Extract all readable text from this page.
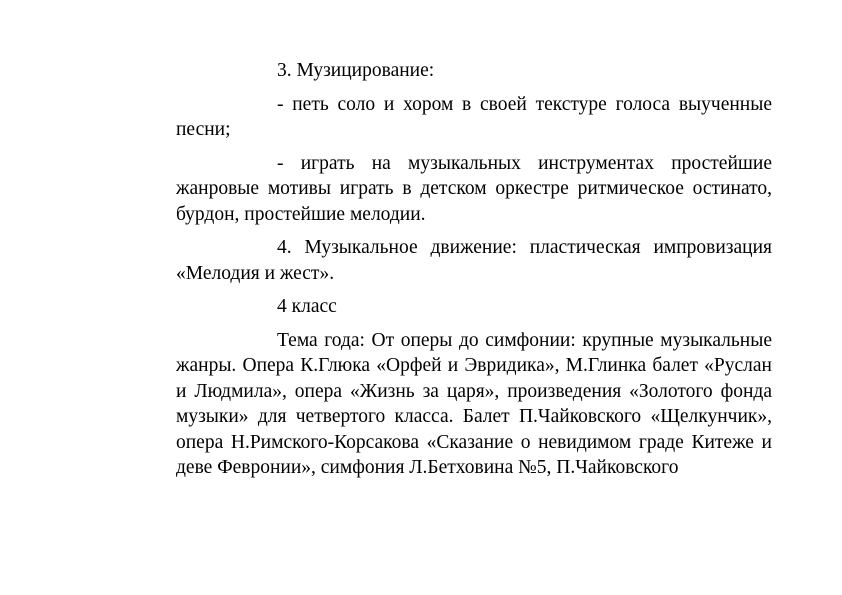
3. Музицирование:

- петь соло и хором в своей текстуре голоса выученные песни;

- играть на музыкальных инструментах простейшие жанровые мотивы играть в детском оркестре ритмическое остинато, бурдон, простейшие мелодии.

4. Музыкальное движение: пластическая импровизация «Мелодия и жест».

4 класс

Тема года: От оперы до симфонии: крупные музыкальные жанры. Опера К.Глюка «Орфей и Эвридика», М.Глинка балет «Руслан и Людмила», опера «Жизнь за царя», произведения «Золотого фонда музыки» для четвертого класса. Балет П.Чайковского «Щелкунчик», опера Н.Римского-Корсакова «Сказание о невидимом граде Китеже и деве Февронии», симфония Л.Бетховина №5, П.Чайковского
